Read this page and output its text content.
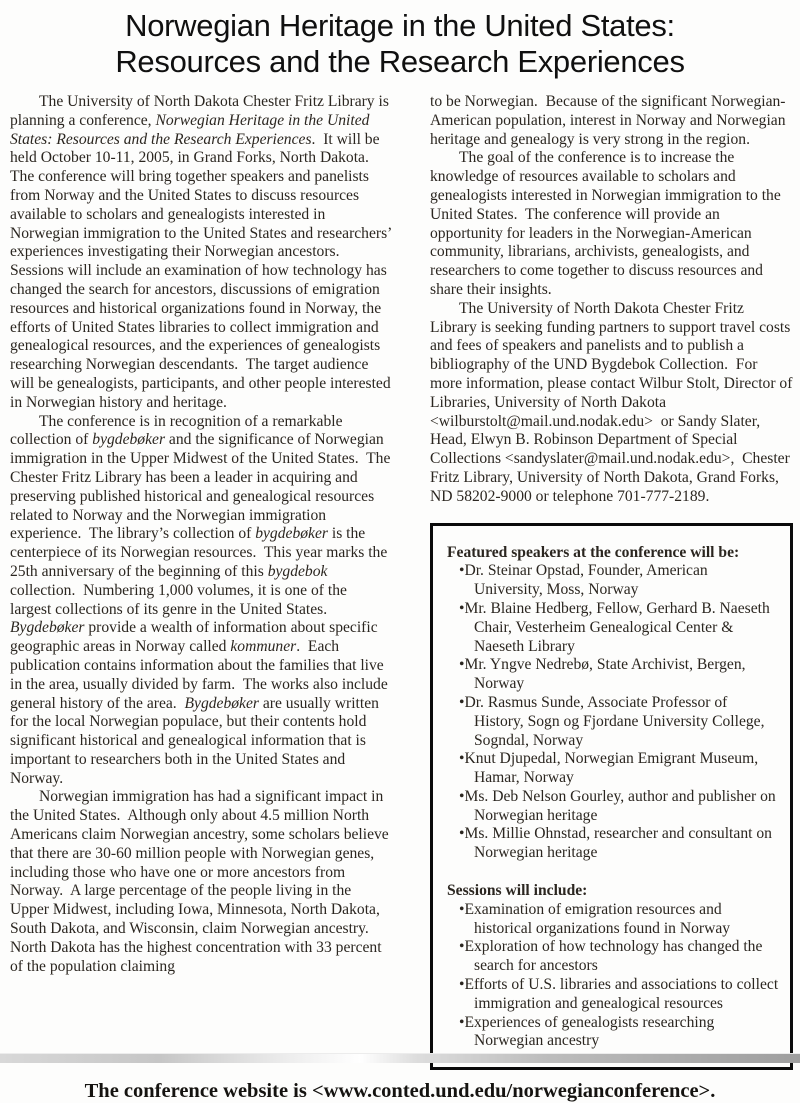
Norwegian Heritage in the United States:
Resources and the Research Experiences

The University of North Dakota Chester Fritz Library is planning a conference, Norwegian Heritage in the United States: Resources and the Research Experiences.  It will be held October 10-11, 2005, in Grand Forks, North Dakota.   The conference will bring together speakers and panelists from Norway and the United States to discuss resources available to scholars and genealogists interested in Norwegian immigration to the United States and researchers’ experiences investigating their Norwegian ancestors.  Sessions will include an examination of how technology has changed the search for ancestors, discussions of emigration resources and historical organizations found in Norway, the efforts of United States libraries to collect immigration and genealogical resources, and the experiences of genealogists researching Norwegian descendants.  The target audience will be genealogists, participants, and other people interested in Norwegian history and heritage.

The conference is in recognition of a remarkable collection of bygdebøker and the significance of Norwegian immigration in the Upper Midwest of the United States.  The Chester Fritz Library has been a leader in acquiring and preserving published historical and genealogical resources related to Norway and the Norwegian immigration experience.  The library’s collection of bygdebøker is the centerpiece of its Norwegian resources.  This year marks the 25th anniversary of the beginning of this bygdebok collection.  Numbering 1,000 volumes, it is one of the largest collections of its genre in the United States.  Bygdebøker provide a wealth of information about specific geographic areas in Norway called kommuner.  Each publication contains information about the families that live in the area, usually divided by farm.  The works also include general history of the area.  Bygdebøker are usually written for the local Norwegian populace, but their contents hold significant historical and genealogical information that is important to researchers both in the United States and Norway.

Norwegian immigration has had a significant impact in the United States.  Although only about 4.5 million North Americans claim Norwegian ancestry, some scholars believe that there are 30-60 million people with Norwegian genes, including those who have one or more ancestors from Norway.  A large percentage of the people living in the Upper Midwest, including Iowa, Minnesota, North Dakota, South Dakota, and Wisconsin, claim Norwegian ancestry.  North Dakota has the highest concentration with 33 percent of the population claiming

to be Norwegian.  Because of the significant Norwegian-American population, interest in Norway and Norwegian heritage and genealogy is very strong in the region.

The goal of the conference is to increase the knowledge of resources available to scholars and genealogists interested in Norwegian immigration to the United States.  The conference will provide an opportunity for leaders in the Norwegian-American community, librarians, archivists, genealogists, and researchers to come together to discuss resources and share their insights.

The University of North Dakota Chester Fritz Library is seeking funding partners to support travel costs and fees of speakers and panelists and to publish a bibliography of the UND Bygdebok Collection.  For more information, please contact Wilbur Stolt, Director of Libraries, University of North Dakota <wilburstolt@mail.und.nodak.edu>  or Sandy Slater, Head, Elwyn B. Robinson Department of Special Collections <sandyslater@mail.und.nodak.edu>,  Chester Fritz Library, University of North Dakota, Grand Forks, ND 58202-9000 or telephone 701-777-2189.

Featured speakers at the conference will be:

• Dr. Steinar Opstad, Founder, American University, Moss, Norway
• Mr. Blaine Hedberg, Fellow, Gerhard B. Naeseth Chair, Vesterheim Genealogical Center & Naeseth Library
• Mr. Yngve Nedrebø, State Archivist, Bergen, Norway
• Dr. Rasmus Sunde, Associate Professor of History, Sogn og Fjordane University College, Sogndal, Norway
• Knut Djupedal, Norwegian Emigrant Museum, Hamar, Norway
• Ms. Deb Nelson Gourley, author and publisher on Norwegian heritage
• Ms. Millie Ohnstad, researcher and consultant on Norwegian heritage

Sessions will include:

• Examination of emigration resources and historical organizations found in Norway
• Exploration of how technology has changed the search for ancestors
• Efforts of U.S. libraries and associations to collect immigration and genealogical resources
• Experiences of genealogists researching Norwegian ancestry

The conference website is <www.conted.und.edu/norwegianconference>.
